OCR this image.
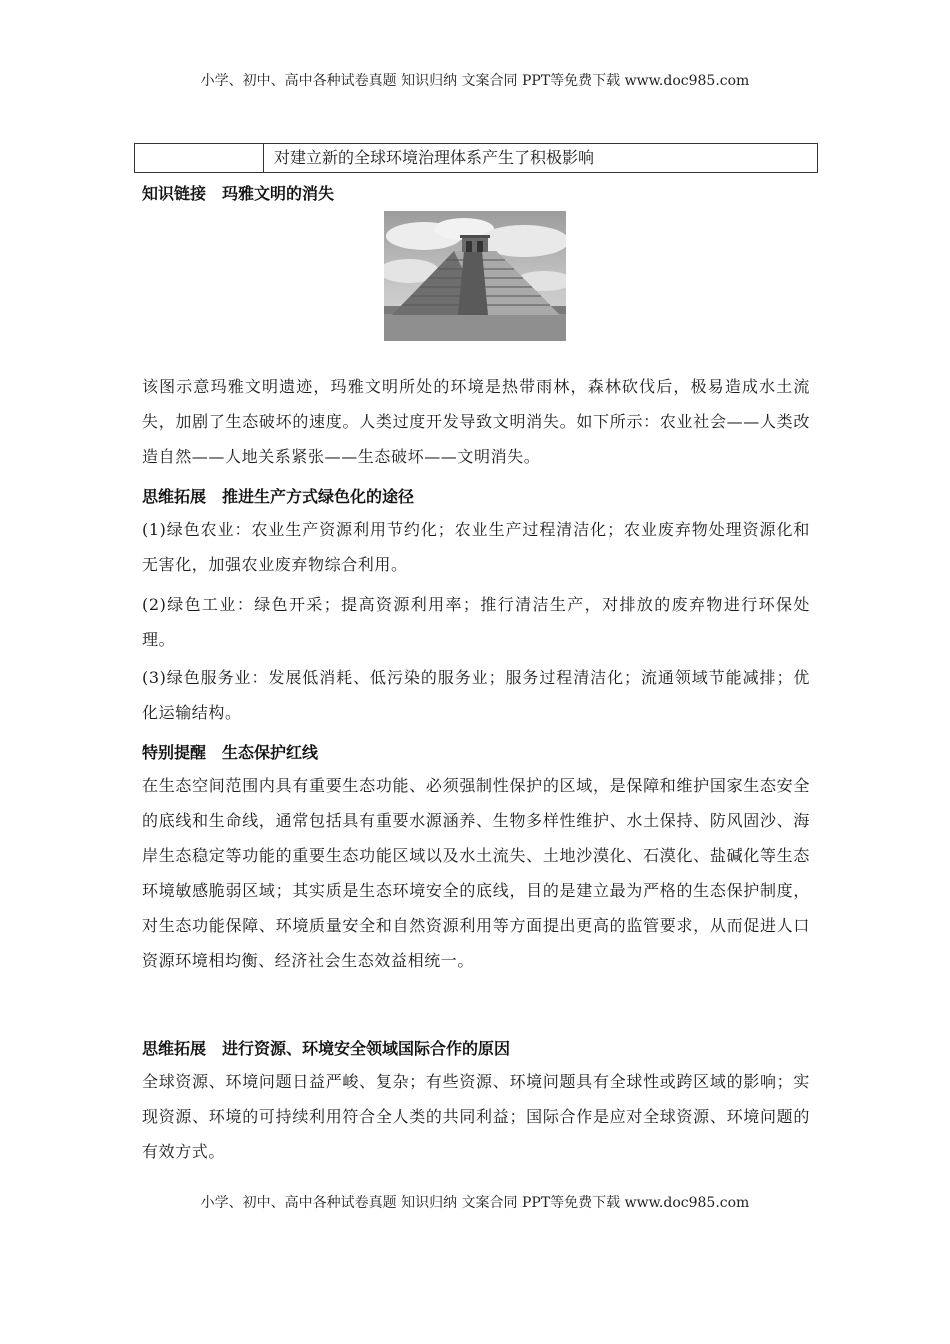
小学、初中、高中各种试卷真题 知识归纳 文案合同 PPT等免费下载 www.doc985.com
对建立新的全球环境治理体系产生了积极影响
知识链接　玛雅文明的消失
该图示意玛雅文明遗迹，玛雅文明所处的环境是热带雨林，森林砍伐后，极易造成水土流失，加剧了生态破坏的速度。人类过度开发导致文明消失。如下所示：农业社会——人类改造自然——人地关系紧张——生态破坏——文明消失。
思维拓展　推进生产方式绿色化的途径
(1)绿色农业：农业生产资源利用节约化；农业生产过程清洁化；农业废弃物处理资源化和无害化，加强农业废弃物综合利用。
(2)绿色工业：绿色开采；提高资源利用率；推行清洁生产，对排放的废弃物进行环保处理。
(3)绿色服务业：发展低消耗、低污染的服务业；服务过程清洁化；流通领域节能减排；优化运输结构。
特别提醒　生态保护红线
在生态空间范围内具有重要生态功能、必须强制性保护的区域，是保障和维护国家生态安全的底线和生命线，通常包括具有重要水源涵养、生物多样性维护、水土保持、防风固沙、海岸生态稳定等功能的重要生态功能区域以及水土流失、土地沙漠化、石漠化、盐碱化等生态环境敏感脆弱区域；其实质是生态环境安全的底线，目的是建立最为严格的生态保护制度，对生态功能保障、环境质量安全和自然资源利用等方面提出更高的监管要求，从而促进人口资源环境相均衡、经济社会生态效益相统一。
思维拓展　进行资源、环境安全领域国际合作的原因
全球资源、环境问题日益严峻、复杂；有些资源、环境问题具有全球性或跨区域的影响；实现资源、环境的可持续利用符合全人类的共同利益；国际合作是应对全球资源、环境问题的有效方式。
小学、初中、高中各种试卷真题 知识归纳 文案合同 PPT等免费下载 www.doc985.com
